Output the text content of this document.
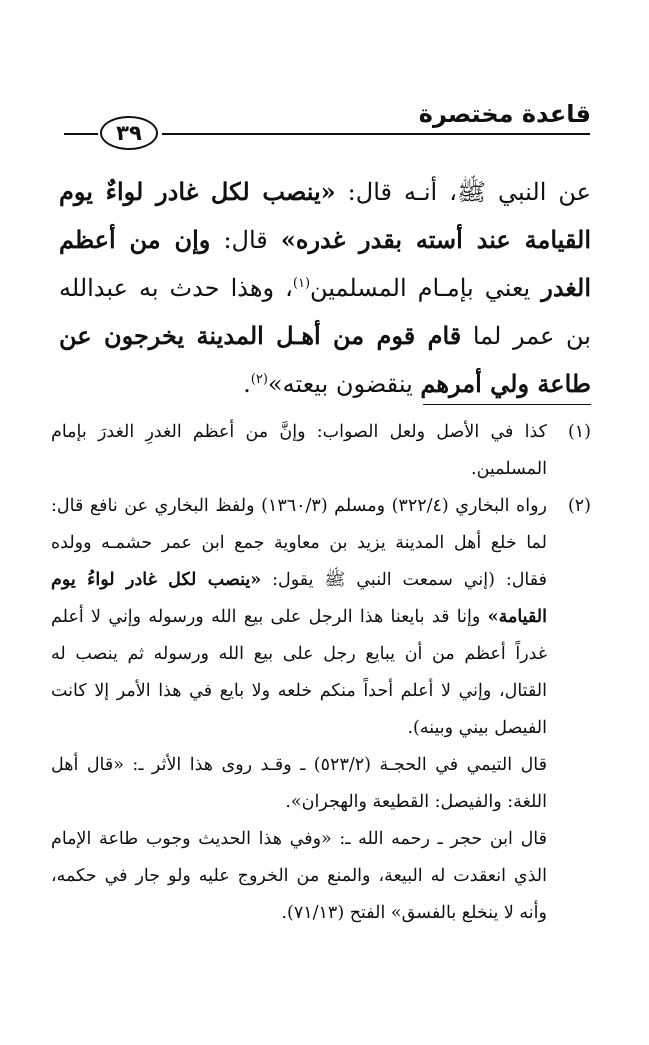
قاعدة مختصرة
٣٩

عن النبي ﷺ، أنـه قال: «ينصب لكل غادر لواءٌ يوم القيامة عند أسته بقدر غدره» قال: وإن من أعظم الغدر يعني بإمـام المسلمين$^{(١)}$، وهذا حدث به عبدالله بن عمر لما قام قوم من أهـل المدينة يخرجون عن طاعة ولي أمرهم ينقضون بيعته»$^{(٢)}$.

(١)
كذا في الأصل ولعل الصواب: وإنَّ من أعظم الغدرِ الغدرَ بإمام المسلمين.
(٢)

رواه البخاري (٣٢٢/٤) ومسلم (١٣٦٠/٣) ولفظ البخاري عن نافع قال: لما خلع أهل المدينة يزيد بن معاوية جمع ابن عمر حشمـه وولده فقال: (إني سمعت النبي ﷺ يقول: «ينصب لكل غادر لواءُ يوم القيامة» وإنا قد بايعنا هذا الرجل على بيع الله ورسوله وإني لا أعلم غدراً أعظم من أن يبايع رجل على بيع الله ورسوله ثم ينصب له القتال، وإني لا أعلم أحداً منكم خلعه ولا بايع في هذا الأمر إلا كانت الفيصل بيني وبينه).

قال التيمي في الحجـة (٥٢٣/٢) ـ وقـد روى هذا الأثر ـ: «قال أهل اللغة: والفيصل: القطيعة والهجران».

قال ابن حجر ـ رحمه الله ـ: «وفي هذا الحديث وجوب طاعة الإمام الذي انعقدت له البيعة، والمنع من الخروج عليه ولو جار في حكمه، وأنه لا ينخلع بالفسق» الفتح (٧١/١٣).
